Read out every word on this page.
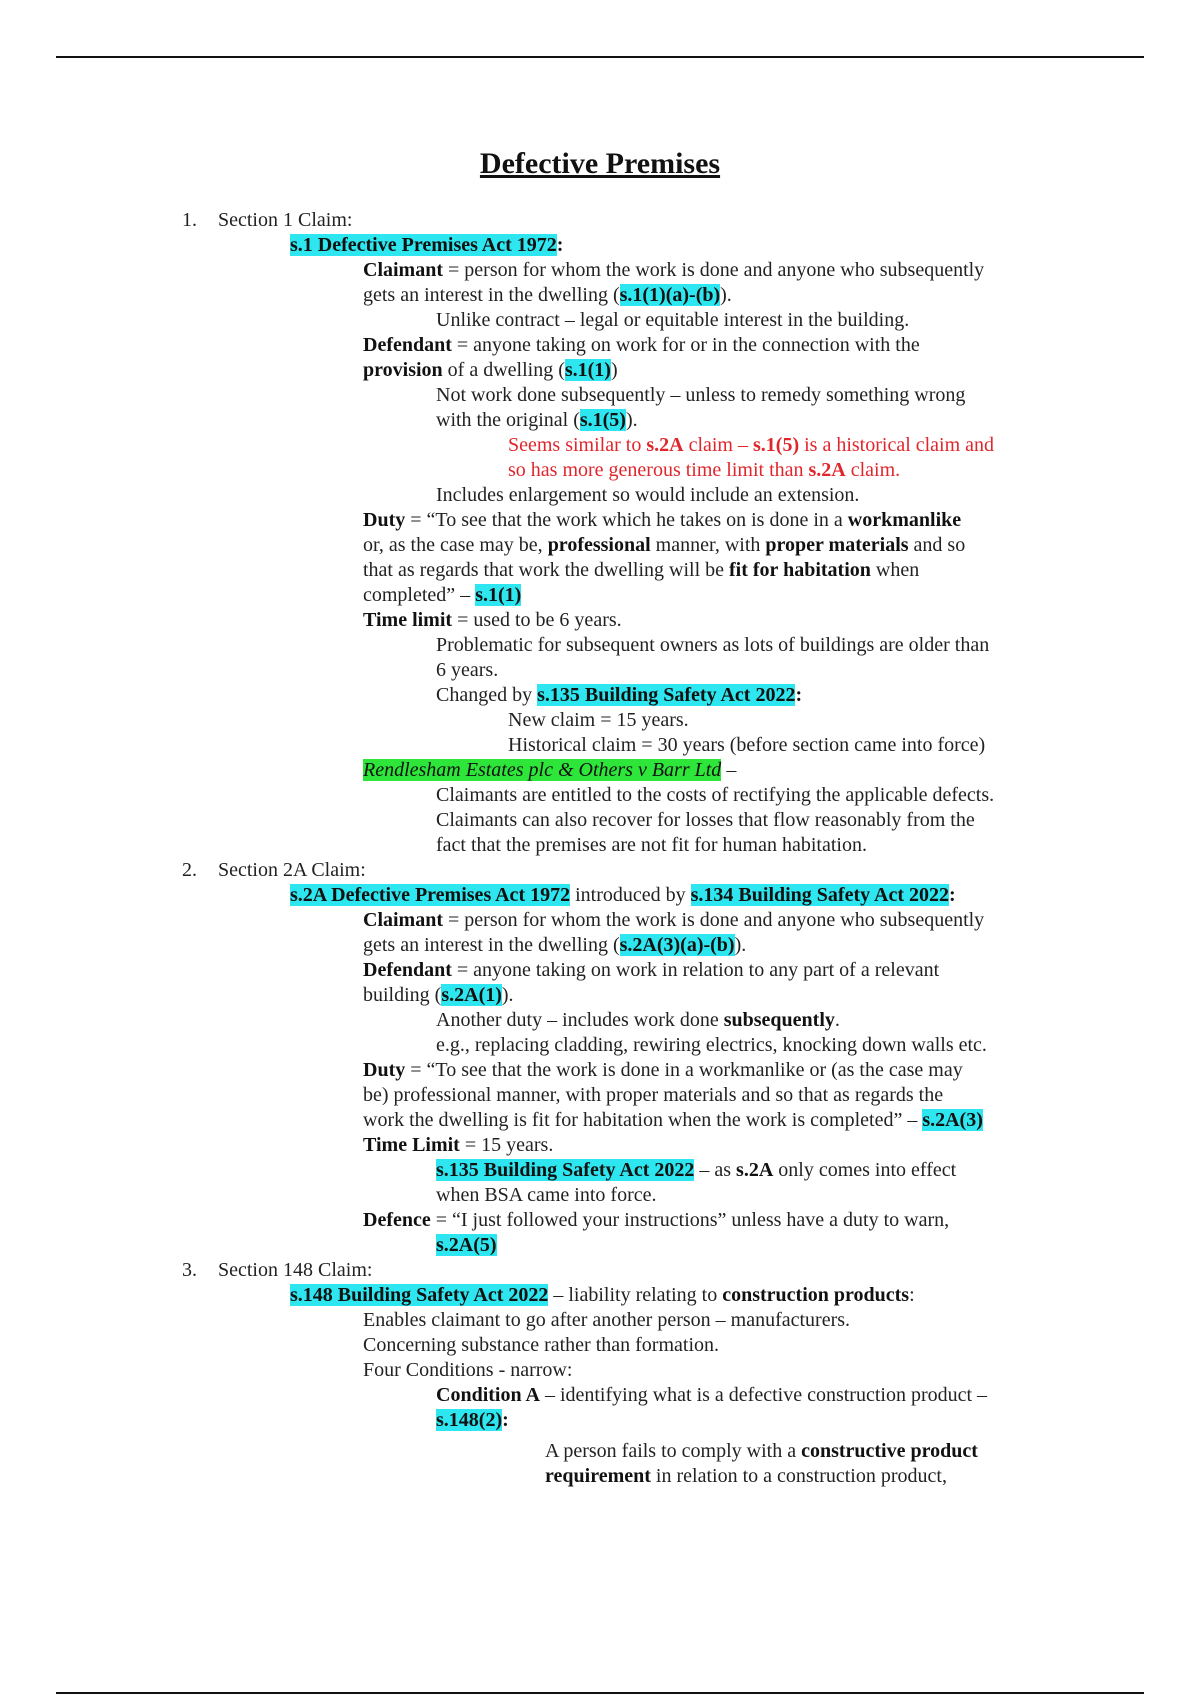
Defective Premises
1. Section 1 Claim:
s.1 Defective Premises Act 1972:
Claimant = person for whom the work is done and anyone who subsequently
gets an interest in the dwelling (s.1(1)(a)-(b)).
Unlike contract – legal or equitable interest in the building.
Defendant = anyone taking on work for or in the connection with the
provision of a dwelling (s.1(1))
Not work done subsequently – unless to remedy something wrong
with the original (s.1(5)).
Seems similar to s.2A claim – s.1(5) is a historical claim and
so has more generous time limit than s.2A claim.
Includes enlargement so would include an extension.
Duty = “To see that the work which he takes on is done in a workmanlike
or, as the case may be, professional manner, with proper materials and so
that as regards that work the dwelling will be fit for habitation when
completed” – s.1(1)
Time limit = used to be 6 years.
Problematic for subsequent owners as lots of buildings are older than
6 years.
Changed by s.135 Building Safety Act 2022:
New claim = 15 years.
Historical claim = 30 years (before section came into force)
Rendlesham Estates plc & Others v Barr Ltd –
Claimants are entitled to the costs of rectifying the applicable defects.
Claimants can also recover for losses that flow reasonably from the
fact that the premises are not fit for human habitation.
2. Section 2A Claim:
s.2A Defective Premises Act 1972 introduced by s.134 Building Safety Act 2022:
Claimant = person for whom the work is done and anyone who subsequently
gets an interest in the dwelling (s.2A(3)(a)-(b)).
Defendant = anyone taking on work in relation to any part of a relevant
building (s.2A(1)).
Another duty – includes work done subsequently.
e.g., replacing cladding, rewiring electrics, knocking down walls etc.
Duty = “To see that the work is done in a workmanlike or (as the case may
be) professional manner, with proper materials and so that as regards the
work the dwelling is fit for habitation when the work is completed” – s.2A(3)
Time Limit = 15 years.
s.135 Building Safety Act 2022 – as s.2A only comes into effect
when BSA came into force.
Defence = “I just followed your instructions” unless have a duty to warn,
s.2A(5)
3. Section 148 Claim:
s.148 Building Safety Act 2022 – liability relating to construction products:
Enables claimant to go after another person – manufacturers.
Concerning substance rather than formation.
Four Conditions - narrow:
Condition A – identifying what is a defective construction product –
s.148(2):
A person fails to comply with a constructive product
requirement in relation to a construction product,
